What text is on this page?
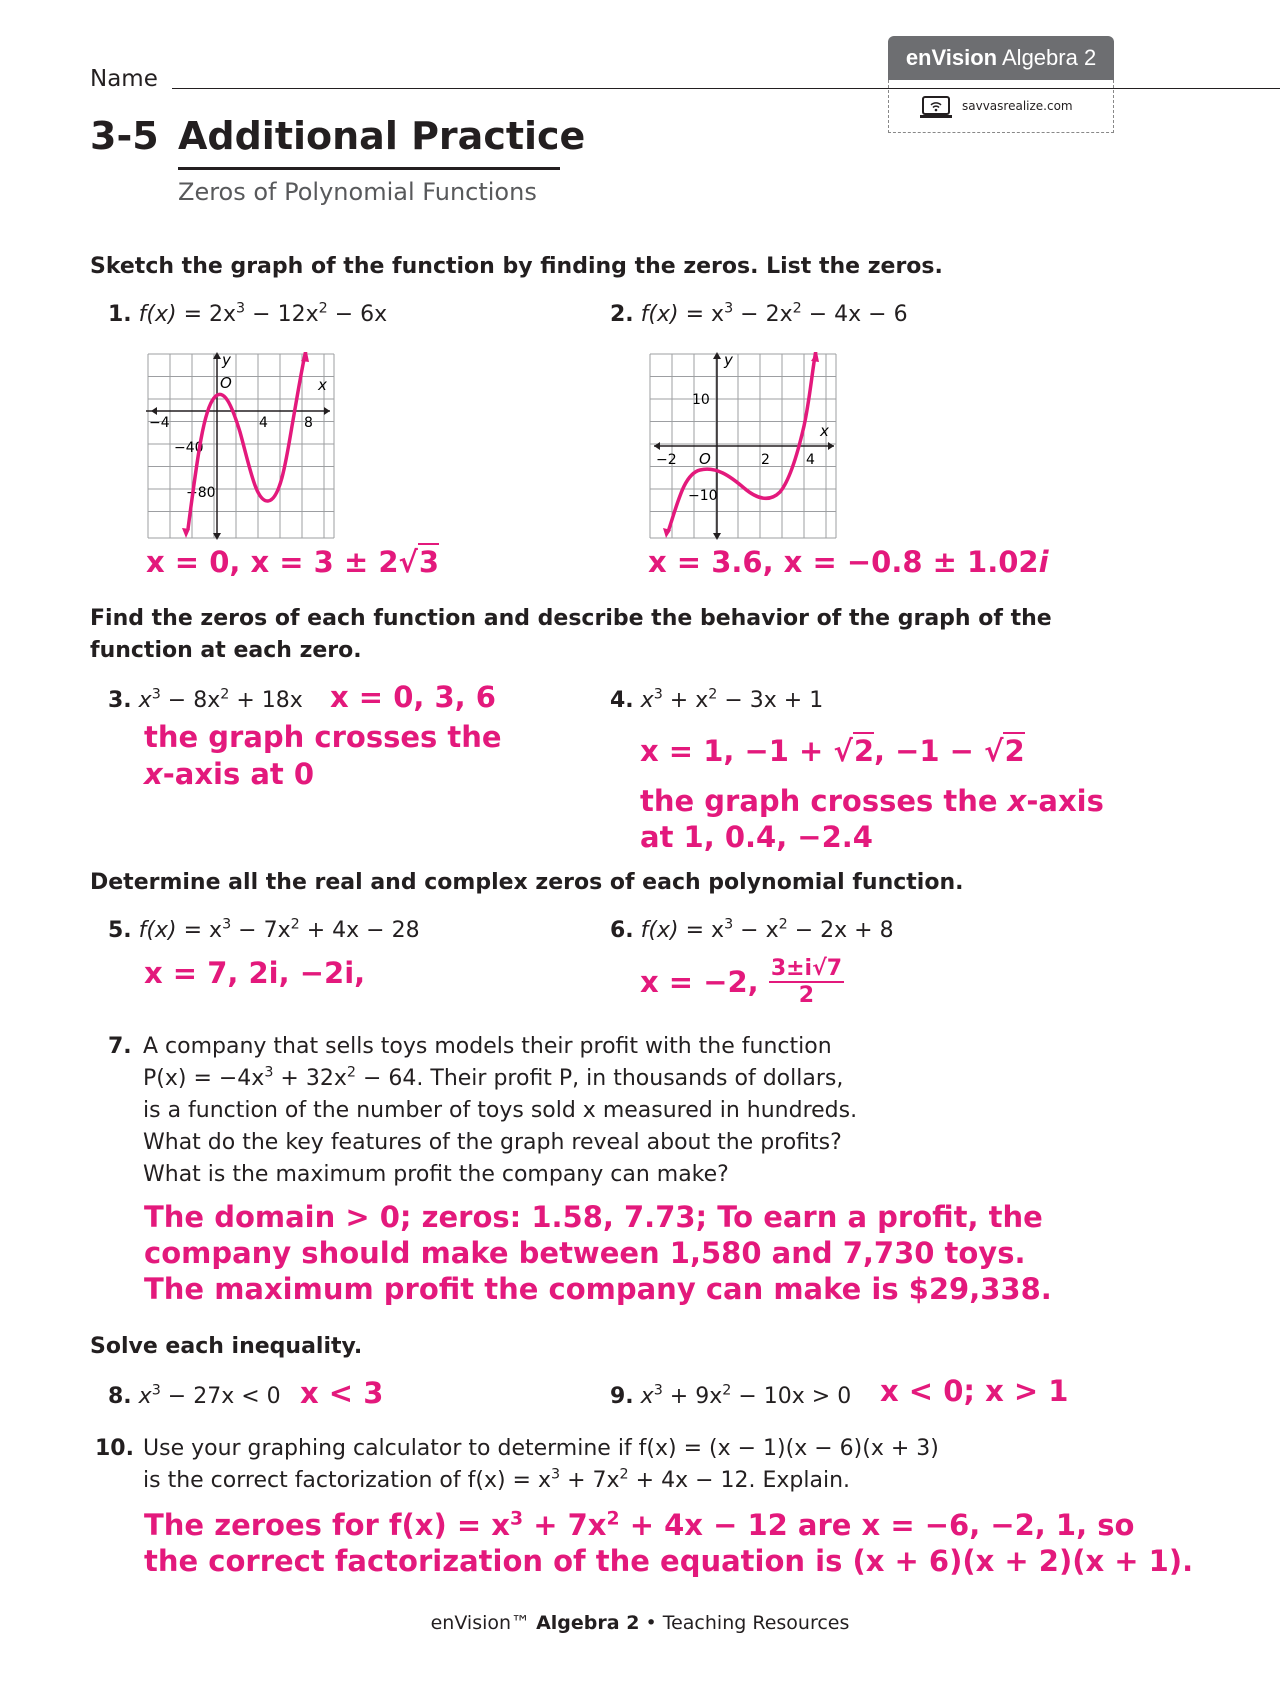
Name
enVision Algebra 2
savvasrealize.com
3-5 Additional Practice
Zeros of Polynomial Functions
Sketch the graph of the function by finding the zeros. List the zeros.
1. $f(x) = 2x^3 - 12x^2 - 6x$	2. $f(x) = x^3 - 2x^2 - 4x - 6$
y
x
O
−4	4	8
−40
−80
y
x
O
−2	2	4
10
−10
x = 0, x = 3 ± 2√3	x = 3.6, x = −0.8 ± 1.02i
Find the zeros of each function and describe the behavior of the graph of the
function at each zero.
3. $x^3 - 8x^2 + 18x$ x = 0, 3, 6
the graph crosses the
x-axis at 0
4. $x^3 + x^2 - 3x + 1$
x = 1, −1 + √2, −1 − √2
the graph crosses the x-axis
at 1, 0.4, −2.4
Determine all the real and complex zeros of each polynomial function.
5. $f(x) = x^3 - 7x^2 + 4x - 28$
x = 7, 2i, −2i,
6. $f(x) = x^3 - x^2 - 2x + 8$
x = −2, $\frac{3\pm i√7}{2}$
7. A company that sells toys models their profit with the function
$P(x) = -4x^3 + 32x^2 - 64$. Their profit P, in thousands of dollars,
is a function of the number of toys sold x measured in hundreds.
What do the key features of the graph reveal about the profits?
What is the maximum profit the company can make?
The domain > 0; zeros: 1.58, 7.73; To earn a profit, the
company should make between 1,580 and 7,730 toys.
The maximum profit the company can make is $29,338.
Solve each inequality.
8. $x^3 - 27x < 0$ x < 3	9. $x^3 + 9x^2 - 10x > 0$ x < 0; x > 1
10. Use your graphing calculator to determine if f(x) = (x − 1)(x − 6)(x + 3)
is the correct factorization of $f(x) = x^3 + 7x^2 + 4x - 12$. Explain.
The zeroes for $f(x) = x^3 + 7x^2 + 4x - 12$ are x = −6, −2, 1, so
the correct factorization of the equation is (x + 6)(x + 2)(x + 1).
enVision™ Algebra 2 • Teaching Resources
